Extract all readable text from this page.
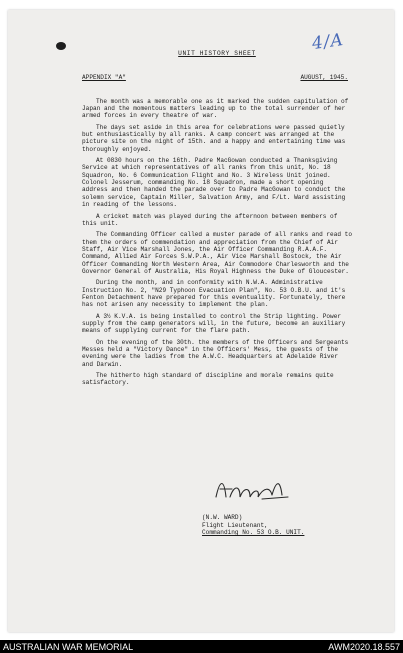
4/A
UNIT HISTORY SHEET
APPENDIX "A"	AUGUST, 1945.

The month was a memorable one as it marked the sudden capitulation of Japan and the momentous matters leading up to the total surrender of her armed forces in every theatre of war.

The days set aside in this area for celebrations were passed quietly but enthusiastically by all ranks. A camp concert was arranged at the picture site on the night of 15th. and a happy and entertaining time was thoroughly enjoyed.

At 0830 hours on the 16th. Padre MacGowan conducted a Thanksgiving Service at which representatives of all ranks from this unit, No. 18 Squadron, No. 6 Communication Flight and No. 3 Wireless Unit joined. Colonel Jesserum, commanding No. 18 Squadron, made a short opening address and then handed the parade over to Padre MacGowan to conduct the solemn service, Captain Miller, Salvation Army, and F/Lt. Ward assisting in reading of the lessons.

A cricket match was played during the afternoon between members of this unit.

The Commanding Officer called a muster parade of all ranks and read to them the orders of commendation and appreciation from the Chief of Air Staff, Air Vice Marshall Jones, the Air Officer Commanding R.A.A.F. Command, Allied Air Forces S.W.P.A., Air Vice Marshall Bostock, the Air Officer Commanding North Western Area, Air Commodore Charlesworth and the Governor General of Australia, His Royal Highness the Duke of Gloucester.

During the month, and in conformity with N.W.A. Administrative Instruction No. 2, "N29 Typhoon Evacuation Plan", No. 53 O.B.U. and it's Fenton Detachment have prepared for this eventuality. Fortunately, there has not arisen any necessity to implement the plan.

A 3½ K.V.A. is being installed to control the Strip lighting. Power supply from the camp generators will, in the future, become an auxiliary means of supplying current for the flare path.

On the evening of the 30th. the members of the Officers and Sergeants Messes held a "Victory Dance" in the Officers' Mess, the guests of the evening were the ladies from the A.W.C. Headquarters at Adelaide River and Darwin.

The hitherto high standard of discipline and morale remains quite satisfactory.

(N.W. WARD)
Flight Lieutenant,
Commanding No. 53 O.B. UNIT.
AUSTRALIAN WAR MEMORIAL	AWM2020.18.557
